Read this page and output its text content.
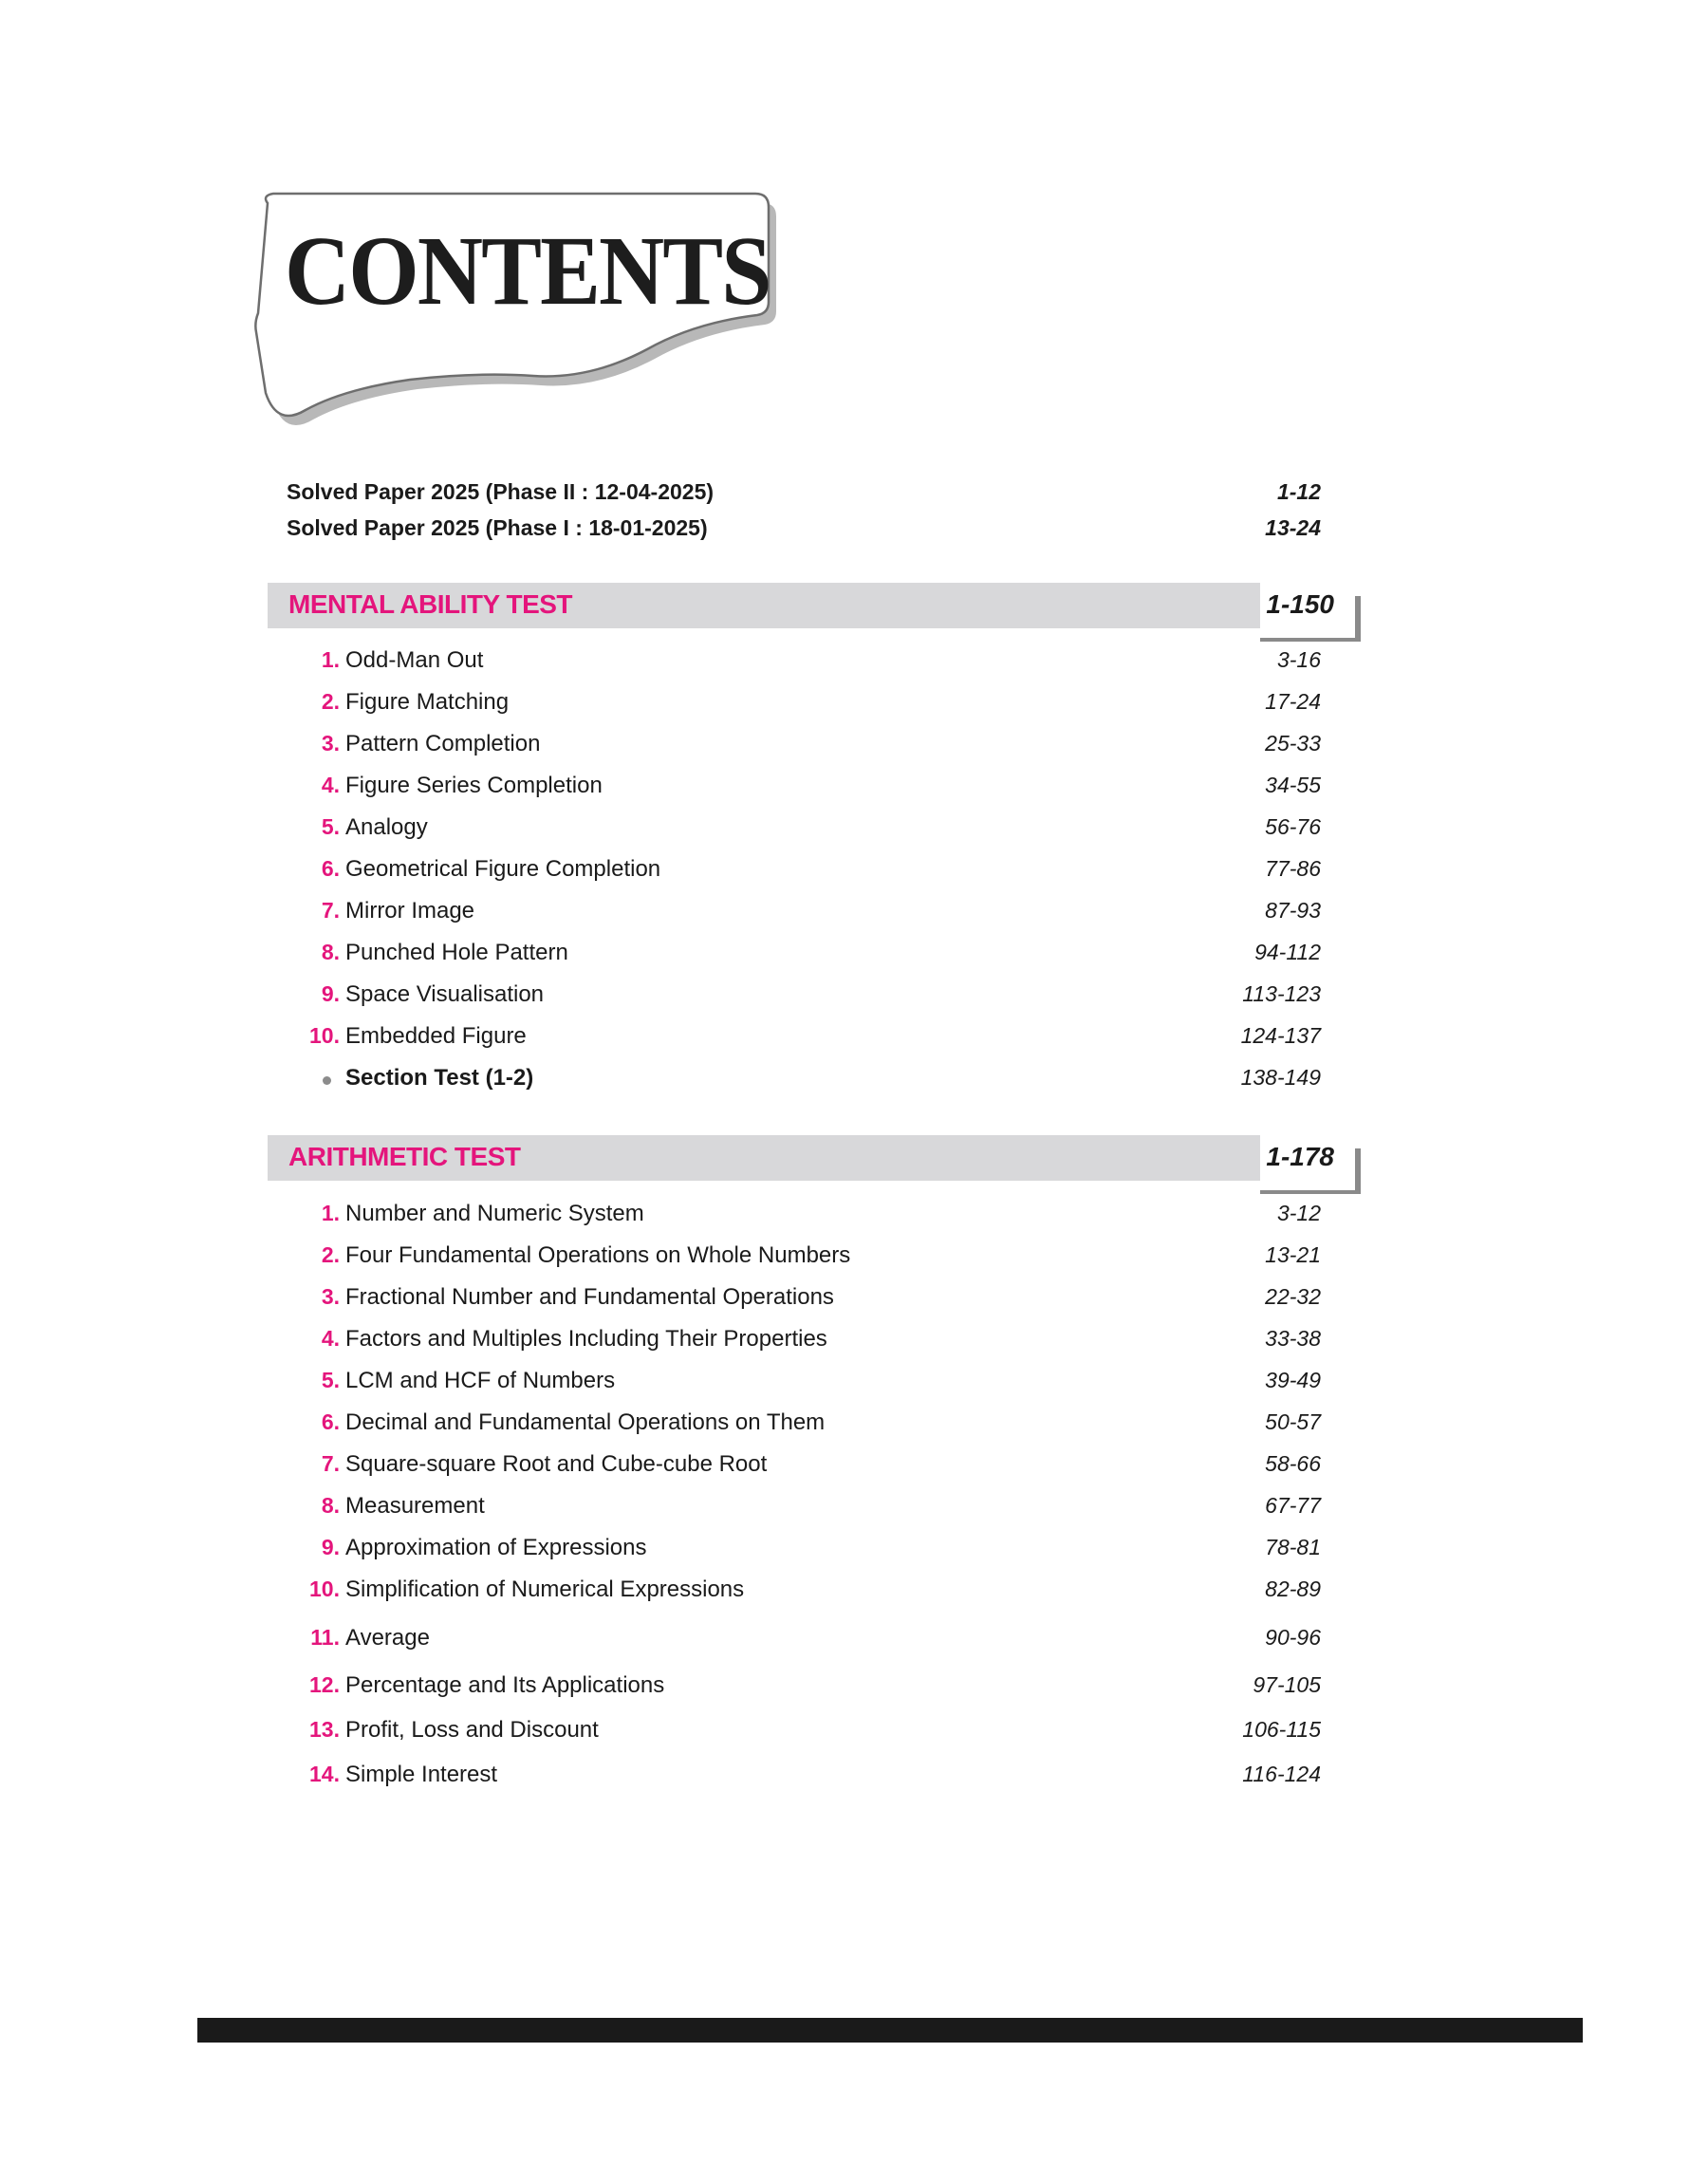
CONTENTS
Solved Paper 2025 (Phase II : 12-04-2025)	1-12
Solved Paper 2025 (Phase I : 18-01-2025)	13-24
MENTAL ABILITY TEST	1-150
1. Odd-Man Out	3-16
2. Figure Matching	17-24
3. Pattern Completion	25-33
4. Figure Series Completion	34-55
5. Analogy	56-76
6. Geometrical Figure Completion	77-86
7. Mirror Image	87-93
8. Punched Hole Pattern	94-112
9. Space Visualisation	113-123
10. Embedded Figure	124-137
Section Test (1-2)	138-149
ARITHMETIC TEST	1-178
1. Number and Numeric System	3-12
2. Four Fundamental Operations on Whole Numbers	13-21
3. Fractional Number and Fundamental Operations	22-32
4. Factors and Multiples Including Their Properties	33-38
5. LCM and HCF of Numbers	39-49
6. Decimal and Fundamental Operations on Them	50-57
7. Square-square Root and Cube-cube Root	58-66
8. Measurement	67-77
9. Approximation of Expressions	78-81
10. Simplification of Numerical Expressions	82-89
11. Average	90-96
12. Percentage and Its Applications	97-105
13. Profit, Loss and Discount	106-115
14. Simple Interest	116-124
